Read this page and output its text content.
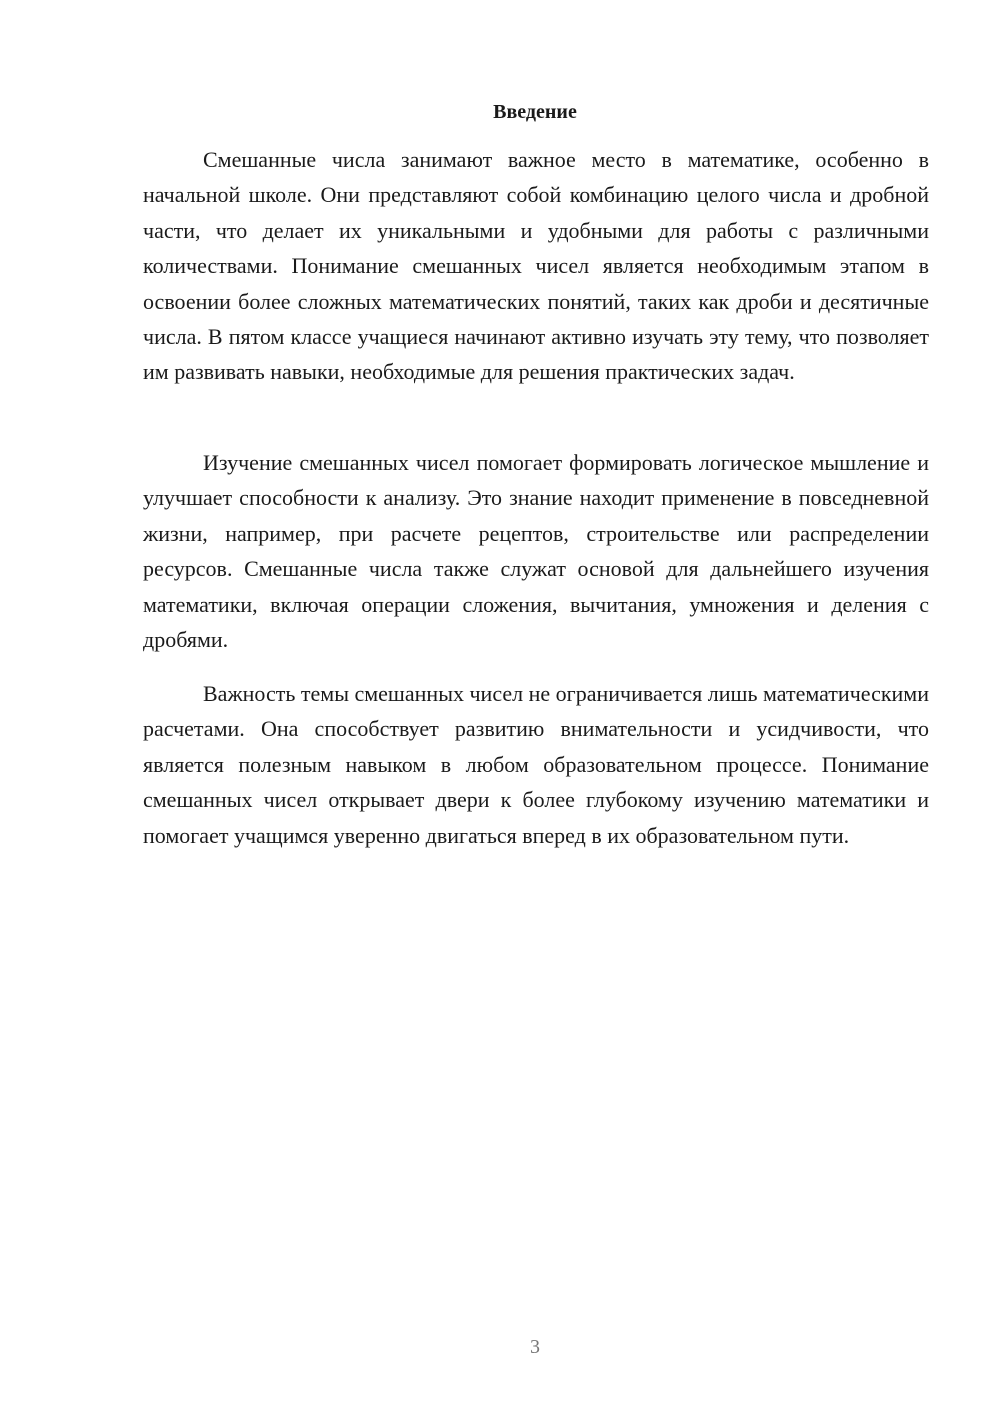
Введение

Смешанные числа занимают важное место в математике, особенно в начальной школе. Они представляют собой комбинацию целого числа и дробной части, что делает их уникальными и удобными для работы с различными количествами. Понимание смешанных чисел является необходимым этапом в освоении более сложных математических понятий, таких как дроби и десятичные числа. В пятом классе учащиеся начинают активно изучать эту тему, что позволяет им развивать навыки, необходимые для решения практических задач.

Изучение смешанных чисел помогает формировать логическое мышление и улучшает способности к анализу. Это знание находит применение в повседневной жизни, например, при расчете рецептов, строительстве или распределении ресурсов. Смешанные числа также служат основой для дальнейшего изучения математики, включая операции сложения, вычитания, умножения и деления с дробями.

Важность темы смешанных чисел не ограничивается лишь математическими расчетами. Она способствует развитию внимательности и усидчивости, что является полезным навыком в любом образовательном процессе. Понимание смешанных чисел открывает двери к более глубокому изучению математики и помогает учащимся уверенно двигаться вперед в их образовательном пути.

3
